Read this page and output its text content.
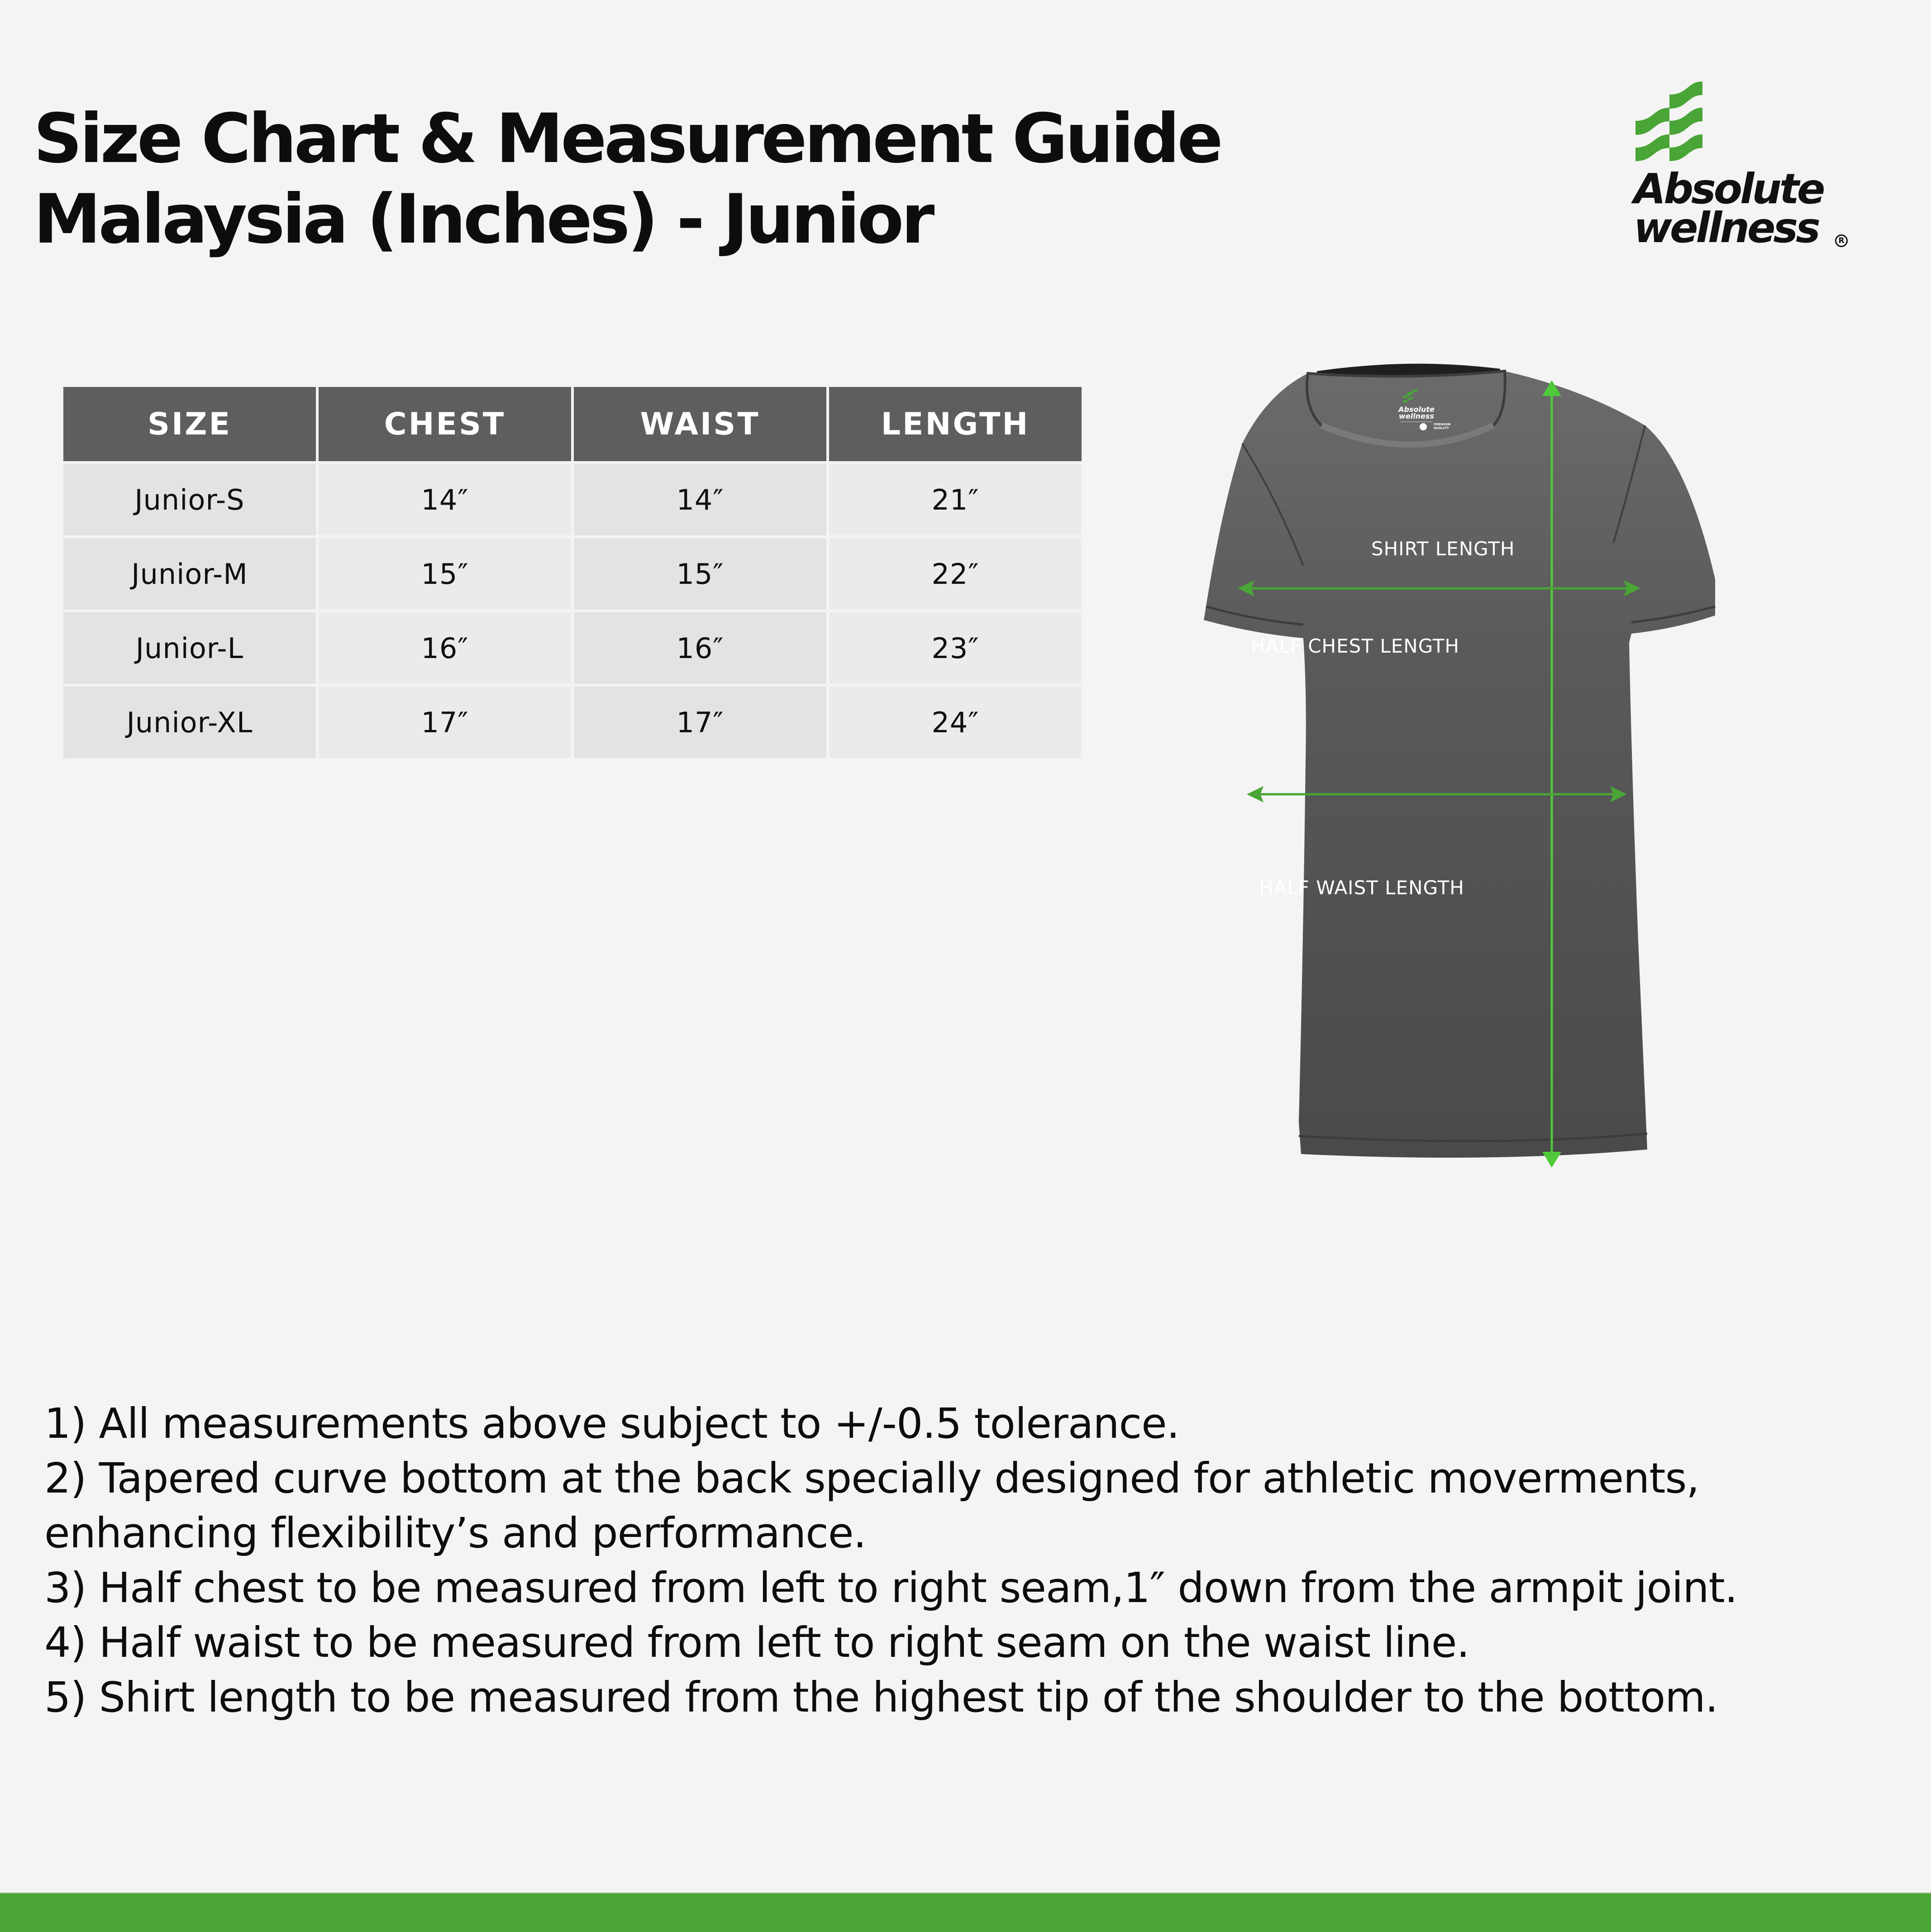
Size Chart & Measurement Guide
Malaysia (Inches) - Junior	Absolute
wellness	R
SIZE	CHEST	WAIST	LENGTH
Junior-S	14″	14″	21″
Junior-M	15″	15″	22″
Junior-L	16″	16″	23″
Junior-XL	17″	17″	24″
Absolute
wellness
PREMIUM
QUALITY
SHIRT LENGTH
HALF CHEST LENGTH
HALF WAIST LENGTH
1) All measurements above subject to +/-0.5 tolerance.
2) Tapered curve bottom at the back specially designed for athletic moverments,
enhancing flexibility’s and performance.
3) Half chest to be measured from left to right seam,1″ down from the armpit joint.
4) Half waist to be measured from left to right seam on the waist line.
5) Shirt length to be measured from the highest tip of the shoulder to the bottom.
